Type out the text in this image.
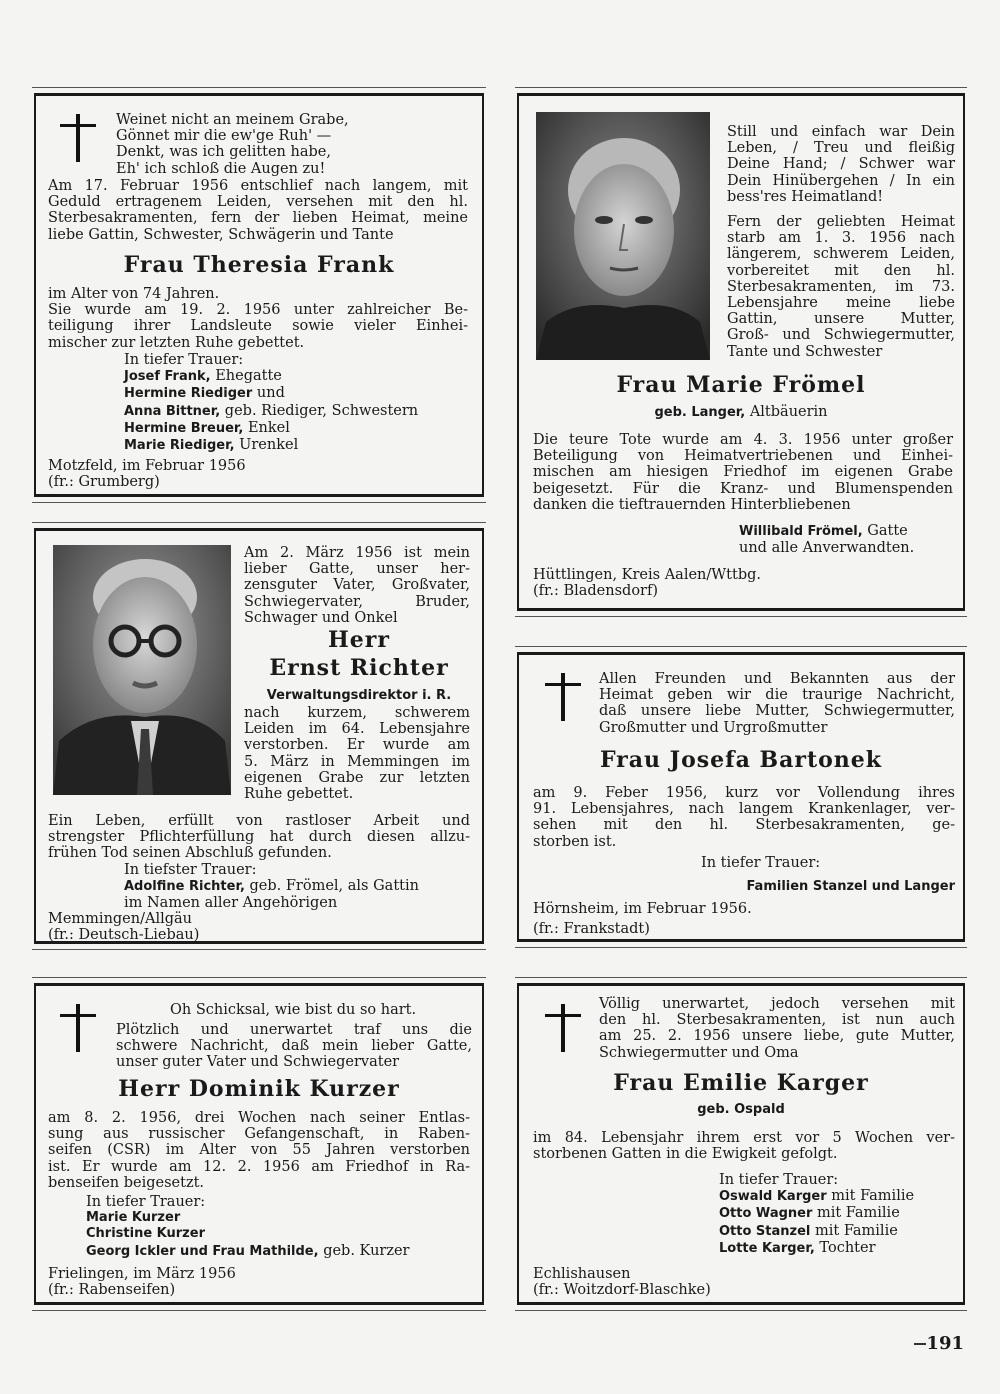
Weinet nicht an meinem Grabe,
Gönnet mir die ew'ge Ruh' —
Denkt, was ich gelitten habe,
Eh' ich schloß die Augen zu!
Am 17. Februar 1956 entschlief nach langem, mit
Geduld ertragenem Leiden, versehen mit den hl.
Sterbesakramenten, fern der lieben Heimat, meine
liebe Gattin, Schwester, Schwägerin und Tante
Frau Theresia Frank
im Alter von 74 Jahren.
Sie wurde am 19. 2. 1956 unter zahlreicher Be-
teiligung ihrer Landsleute sowie vieler Einhei-
mischer zur letzten Ruhe gebettet.
In tiefer Trauer:
Josef Frank, Ehegatte
Hermine Riediger und
Anna Bittner, geb. Riediger, Schwestern
Hermine Breuer, Enkel
Marie Riediger, Urenkel
Motzfeld, im Februar 1956
(fr.: Grumberg)
Still und einfach war Dein
Leben, / Treu und fleißig
Deine Hand; / Schwer war
Dein Hinübergehen / In ein
bess'res Heimatland!
Fern der geliebten Heimat
starb am 1. 3. 1956 nach
längerem, schwerem Leiden,
vorbereitet mit den hl.
Sterbesakramenten, im 73.
Lebensjahre meine liebe
Gattin, unsere Mutter,
Groß- und Schwiegermutter,
Tante und Schwester
Frau Marie Frömel
geb. Langer, Altbäuerin
Die teure Tote wurde am 4. 3. 1956 unter großer
Beteiligung von Heimatvertriebenen und Einhei-
mischen am hiesigen Friedhof im eigenen Grabe
beigesetzt. Für die Kranz- und Blumenspenden
danken die tieftrauernden Hinterbliebenen
Willibald Frömel, Gatte
und alle Anverwandten.
Hüttlingen, Kreis Aalen/Wttbg.
(fr.: Bladensdorf)
Am 2. März 1956 ist mein
lieber Gatte, unser her-
zensguter Vater, Großvater,
Schwiegervater, Bruder,
Schwager und Onkel
Herr
Ernst Richter
Verwaltungsdirektor i. R.
nach kurzem, schwerem
Leiden im 64. Lebensjahre
verstorben. Er wurde am
5. März in Memmingen im
eigenen Grabe zur letzten
Ruhe gebettet.
Ein Leben, erfüllt von rastloser Arbeit und
strengster Pflichterfüllung hat durch diesen allzu-
frühen Tod seinen Abschluß gefunden.
In tiefster Trauer:
Adolfine Richter, geb. Frömel, als Gattin
im Namen aller Angehörigen
Memmingen/Allgäu
(fr.: Deutsch-Liebau)
Allen Freunden und Bekannten aus der
Heimat geben wir die traurige Nachricht,
daß unsere liebe Mutter, Schwiegermutter,
Großmutter und Urgroßmutter
Frau Josefa Bartonek
am 9. Feber 1956, kurz vor Vollendung ihres
91. Lebensjahres, nach langem Krankenlager, ver-
sehen mit den hl. Sterbesakramenten, ge-
storben ist.
In tiefer Trauer:
Familien Stanzel und Langer
Hörnsheim, im Februar 1956.
(fr.: Frankstadt)
Oh Schicksal, wie bist du so hart.
Plötzlich und unerwartet traf uns die
schwere Nachricht, daß mein lieber Gatte,
unser guter Vater und Schwiegervater
Herr Dominik Kurzer
am 8. 2. 1956, drei Wochen nach seiner Entlas-
sung aus russischer Gefangenschaft, in Raben-
seifen (CSR) im Alter von 55 Jahren verstorben
ist. Er wurde am 12. 2. 1956 am Friedhof in Ra-
benseifen beigesetzt.
In tiefer Trauer:
Marie Kurzer
Christine Kurzer
Georg Ickler und Frau Mathilde, geb. Kurzer
Frielingen, im März 1956
(fr.: Rabenseifen)
Völlig unerwartet, jedoch versehen mit
den hl. Sterbesakramenten, ist nun auch
am 25. 2. 1956 unsere liebe, gute Mutter,
Schwiegermutter und Oma
Frau Emilie Karger
geb. Ospald
im 84. Lebensjahr ihrem erst vor 5 Wochen ver-
storbenen Gatten in die Ewigkeit gefolgt.
In tiefer Trauer:
Oswald Karger mit Familie
Otto Wagner mit Familie
Otto Stanzel mit Familie
Lotte Karger, Tochter
Echlishausen
(fr.: Woitzdorf-Blaschke)
191
